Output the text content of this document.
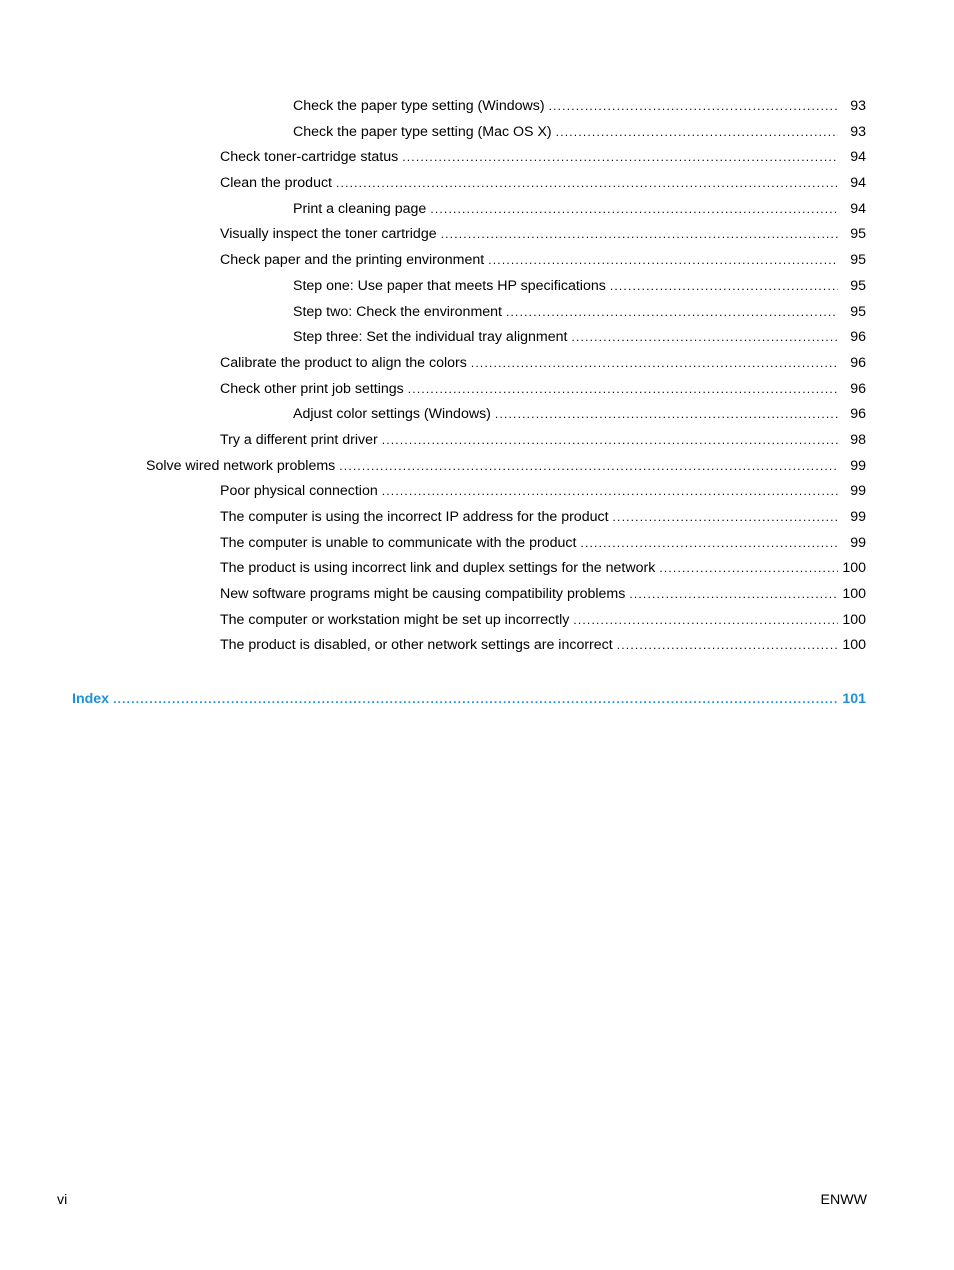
Check the paper type setting (Windows) .....	93
Check the paper type setting (Mac OS X) .....	93
Check toner-cartridge status .....	94
Clean the product .....	94
Print a cleaning page .....	94
Visually inspect the toner cartridge .....	95
Check paper and the printing environment .....	95
Step one: Use paper that meets HP specifications .....	95
Step two: Check the environment .....	95
Step three: Set the individual tray alignment .....	96
Calibrate the product to align the colors .....	96
Check other print job settings .....	96
Adjust color settings (Windows) .....	96
Try a different print driver .....	98
Solve wired network problems .....	99
Poor physical connection .....	99
The computer is using the incorrect IP address for the product .....	99
The computer is unable to communicate with the product .....	99
The product is using incorrect link and duplex settings for the network .....	100
New software programs might be causing compatibility problems .....	100
The computer or workstation might be set up incorrectly .....	100
The product is disabled, or other network settings are incorrect .....	100
Index .....	101
vi	ENWW
